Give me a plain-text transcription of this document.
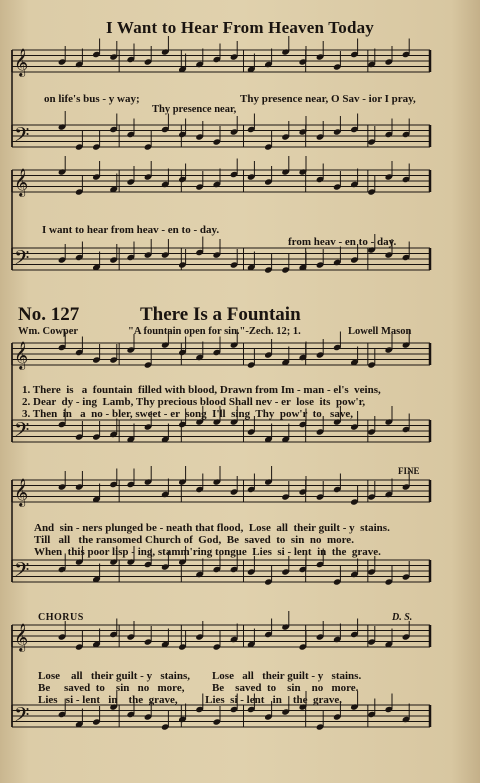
I Want to Hear From Heaven Today
𝄞
𝄢
𝄞
𝄢
𝄞
𝄢
𝄞
𝄢
𝄞
𝄢
on life's bus - y way;	Thy presence near, O Sav - ior I pray,
Thy presence near,
I want to hear from heav - en to - day.
from heav - en to - day.
No. 127	There Is a Fountain
Wm. Cowper	"A fountain open for sin."-Zech. 12; 1.	Lowell Mason
1. There  is   a  fountain  filled with blood, Drawn from Im - man - el's  veins,
2. Dear  dy - ing  Lamb, Thy precious blood Shall nev - er  lose  its  pow'r,
3. Then  in   a  no - bler, sweet - er  song  I'll  sing  Thy  pow'r  to   save,
FINE
And  sin - ners plunged be - neath that flood,  Lose  all  their guilt - y  stains.
Till   all   the ransomed Church of  God,  Be  saved  to  sin  no  more.
When  this poor lisp - ing, stamm'ring tongue  Lies  si - lent  in  the  grave.
CHORUS	D. S.
Lose    all   their guilt - y   stains,        Lose   all   their guilt - y   stains.
Be     saved  to    sin   no   more,          Be    saved  to    sin    no   more.
Lies   si - lent   in    the  grave,          Lies  si - lent   in    the  grave.
